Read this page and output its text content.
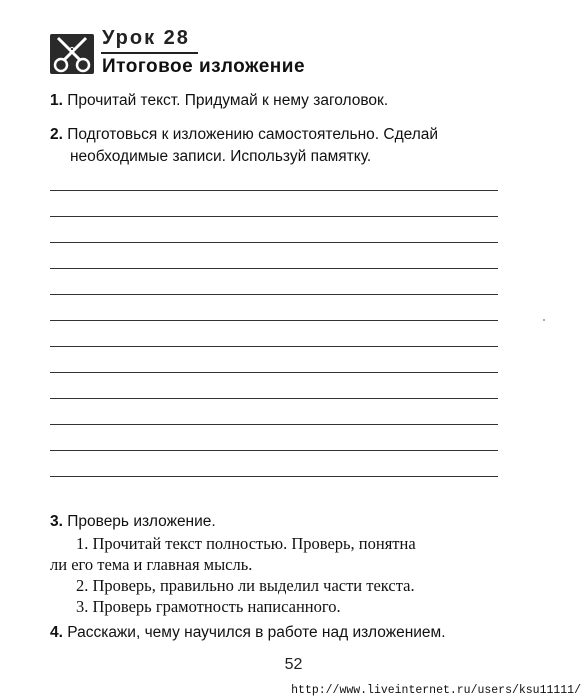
Урок 28
Итоговое изложение
1. Прочитай текст. Придумай к нему заголовок.
2. Подготовься к изложению самостоятельно. Сделай
необходимые записи. Используй памятку.
3. Проверь изложение.
1. Прочитай текст полностью. Проверь, понятна
ли его тема и главная мысль.
2. Проверь, правильно ли выделил части текста.
3. Проверь грамотность написанного.
4. Расскажи, чему научился в работе над изложением.
52
http://www.liveinternet.ru/users/ksu11111/
